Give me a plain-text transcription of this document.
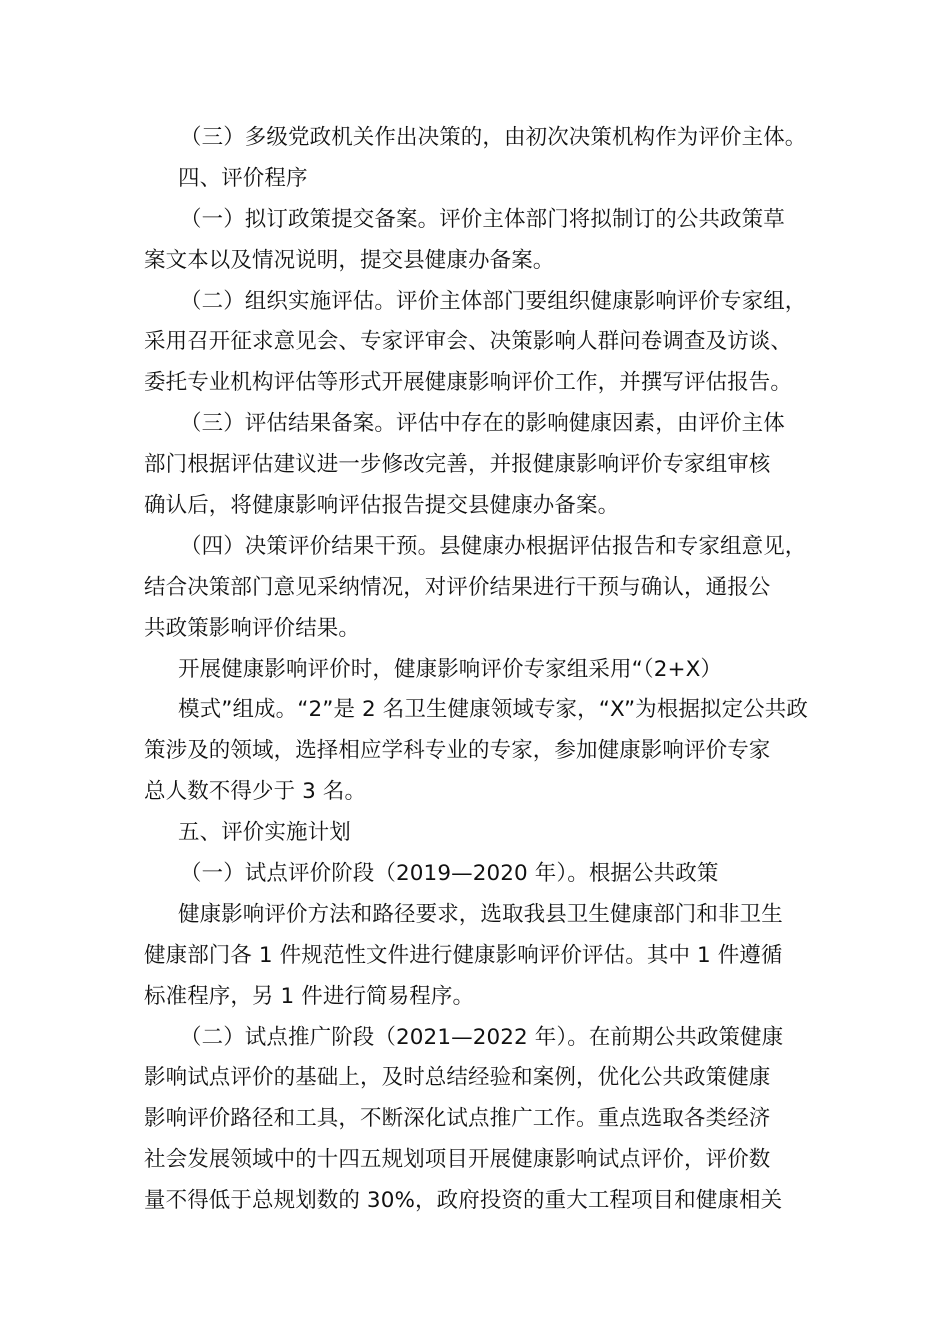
（三）多级党政机关作出决策的，由初次决策机构作为评价主体。
四、评价程序
（一）拟订政策提交备案。评价主体部门将拟制订的公共政策草
案文本以及情况说明，提交县健康办备案。
（二）组织实施评估。评价主体部门要组织健康影响评价专家组，
采用召开征求意见会、专家评审会、决策影响人群问卷调查及访谈、
委托专业机构评估等形式开展健康影响评价工作，并撰写评估报告。
（三）评估结果备案。评估中存在的影响健康因素，由评价主体
部门根据评估建议进一步修改完善，并报健康影响评价专家组审核
确认后，将健康影响评估报告提交县健康办备案。
（四）决策评价结果干预。县健康办根据评估报告和专家组意见，
结合决策部门意见采纳情况，对评价结果进行干预与确认，通报公
共政策影响评价结果。
开展健康影响评价时，健康影响评价专家组采用“（2+X）
模式”组成。“2”是 2 名卫生健康领域专家，“X”为根据拟定公共政
策涉及的领域，选择相应学科专业的专家，参加健康影响评价专家
总人数不得少于 3 名。
五、评价实施计划
（一）试点评价阶段（2019—2020 年）。根据公共政策
健康影响评价方法和路径要求，选取我县卫生健康部门和非卫生
健康部门各 1 件规范性文件进行健康影响评价评估。其中 1 件遵循
标准程序，另 1 件进行简易程序。
（二）试点推广阶段（2021—2022 年）。在前期公共政策健康
影响试点评价的基础上，及时总结经验和案例，优化公共政策健康
影响评价路径和工具，不断深化试点推广工作。重点选取各类经济
社会发展领域中的十四五规划项目开展健康影响试点评价，评价数
量不得低于总规划数的 30%，政府投资的重大工程项目和健康相关
